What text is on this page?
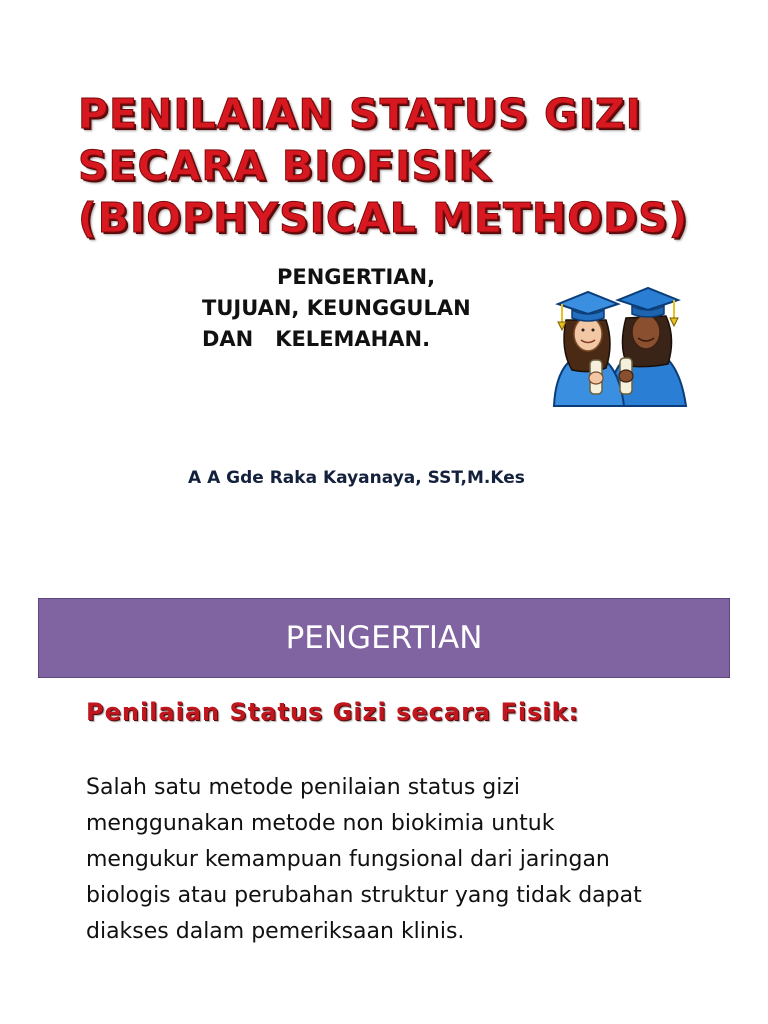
PENILAIAN STATUS GIZI
SECARA BIOFISIK
(BIOPHYSICAL METHODS)
PENGERTIAN,
TUJUAN, KEUNGGULAN
DAN   KELEMAHAN.
A A Gde Raka Kayanaya, SST,M.Kes
PENGERTIAN
Penilaian Status Gizi secara Fisik:

Salah satu metode penilaian status gizi
menggunakan metode non biokimia untuk
mengukur kemampuan fungsional dari jaringan
biologis atau perubahan struktur yang tidak dapat
diakses dalam pemeriksaan klinis.
